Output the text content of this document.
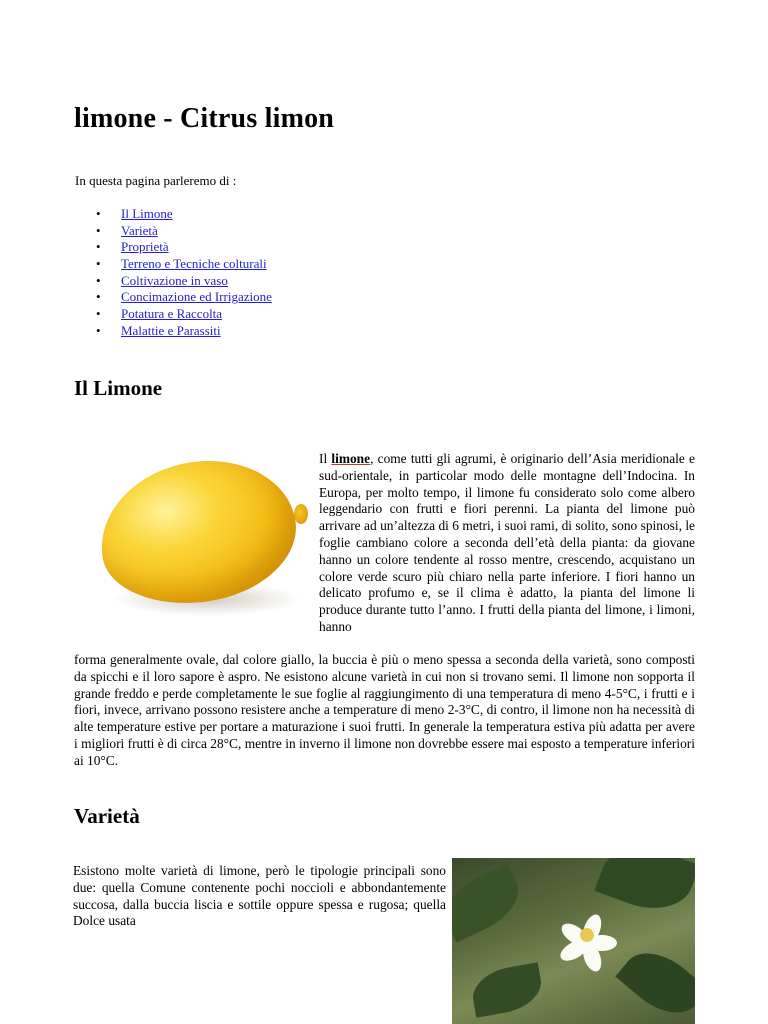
limone - Citrus limon

In questa pagina parleremo di :

• Il Limone
• Varietà
• Proprietà
• Terreno e Tecniche colturali
• Coltivazione in vaso
• Concimazione ed Irrigazione
• Potatura e Raccolta
• Malattie e Parassiti
Il Limone

Il limone, come tutti gli agrumi, è originario dell’Asia meridionale e sud-orientale, in particolar modo delle montagne dell’Indocina. In Europa, per molto tempo, il limone fu considerato solo come albero leggendario con frutti e fiori perenni. La pianta del limone può arrivare ad un’altezza di 6 metri, i suoi rami, di solito, sono spinosi, le foglie cambiano colore a seconda dell’età della pianta: da giovane hanno un colore tendente al rosso mentre, crescendo, acquistano un colore verde scuro più chiaro nella parte inferiore. I fiori hanno un delicato profumo e, se il clima è adatto, la pianta del limone li produce durante tutto l’anno. I frutti della pianta del limone, i limoni, hanno

forma generalmente ovale, dal colore giallo, la buccia è più o meno spessa a seconda della varietà, sono composti da spicchi e il loro sapore è aspro. Ne esistono alcune varietà in cui non si trovano semi. Il limone non sopporta il grande freddo e perde completamente le sue foglie al raggiungimento di una temperatura di meno 4-5°C, i frutti e i fiori, invece, arrivano possono resistere anche a temperature di meno 2-3°C, di contro, il limone non ha necessità di alte temperature estive per portare a maturazione i suoi frutti. In generale la temperatura estiva più adatta per avere i migliori frutti è di circa 28°C, mentre in inverno il limone non dovrebbe essere mai esposto a temperature inferiori ai 10°C.

Varietà

Esistono molte varietà di limone, però le tipologie principali sono due: quella Comune contenente pochi noccioli e abbondantemente succosa, dalla buccia liscia e sottile oppure spessa e rugosa; quella Dolce usata
